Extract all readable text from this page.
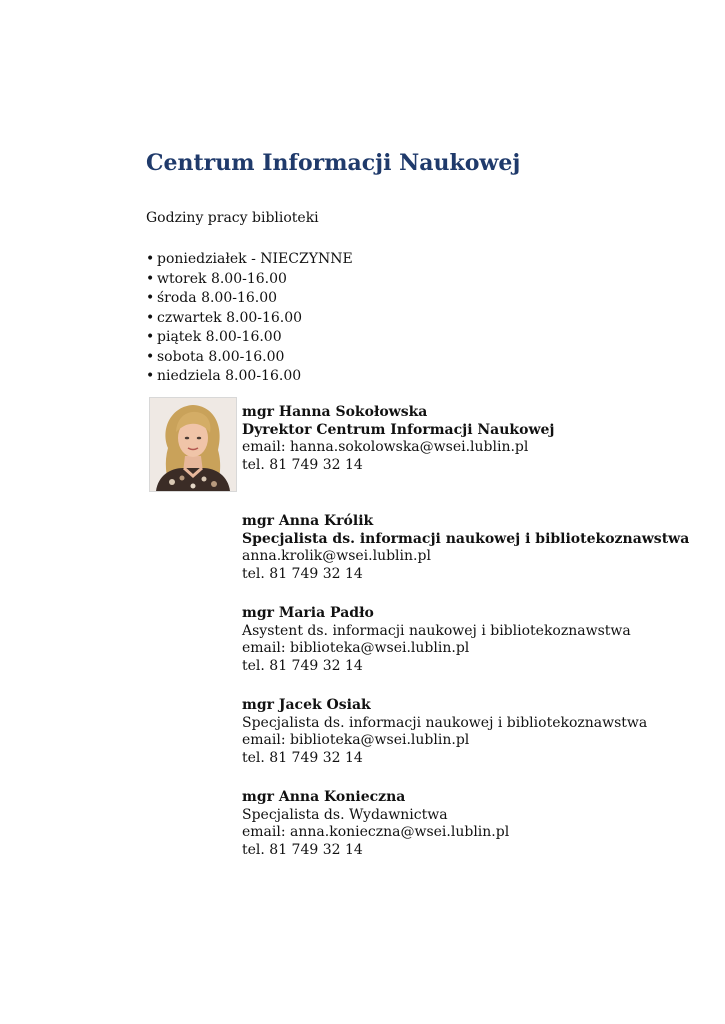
Centrum Informacji Naukowej
Godziny pracy biblioteki
• poniedziałek - NIECZYNNE
• wtorek 8.00-16.00
• środa 8.00-16.00
• czwartek 8.00-16.00
• piątek 8.00-16.00
• sobota 8.00-16.00
• niedziela 8.00-16.00
mgr Hanna Sokołowska
Dyrektor Centrum Informacji Naukowej
email: hanna.sokolowska@wsei.lublin.pl
tel. 81 749 32 14
mgr Anna Królik
Specjalista ds. informacji naukowej i bibliotekoznawstwa
anna.krolik@wsei.lublin.pl
tel. 81 749 32 14
mgr Maria Padło
Asystent ds. informacji naukowej i bibliotekoznawstwa
email: biblioteka@wsei.lublin.pl
tel. 81 749 32 14
mgr Jacek Osiak
Specjalista ds. informacji naukowej i bibliotekoznawstwa
email: biblioteka@wsei.lublin.pl
tel. 81 749 32 14
mgr Anna Konieczna
Specjalista ds. Wydawnictwa
email: anna.konieczna@wsei.lublin.pl
tel. 81 749 32 14
